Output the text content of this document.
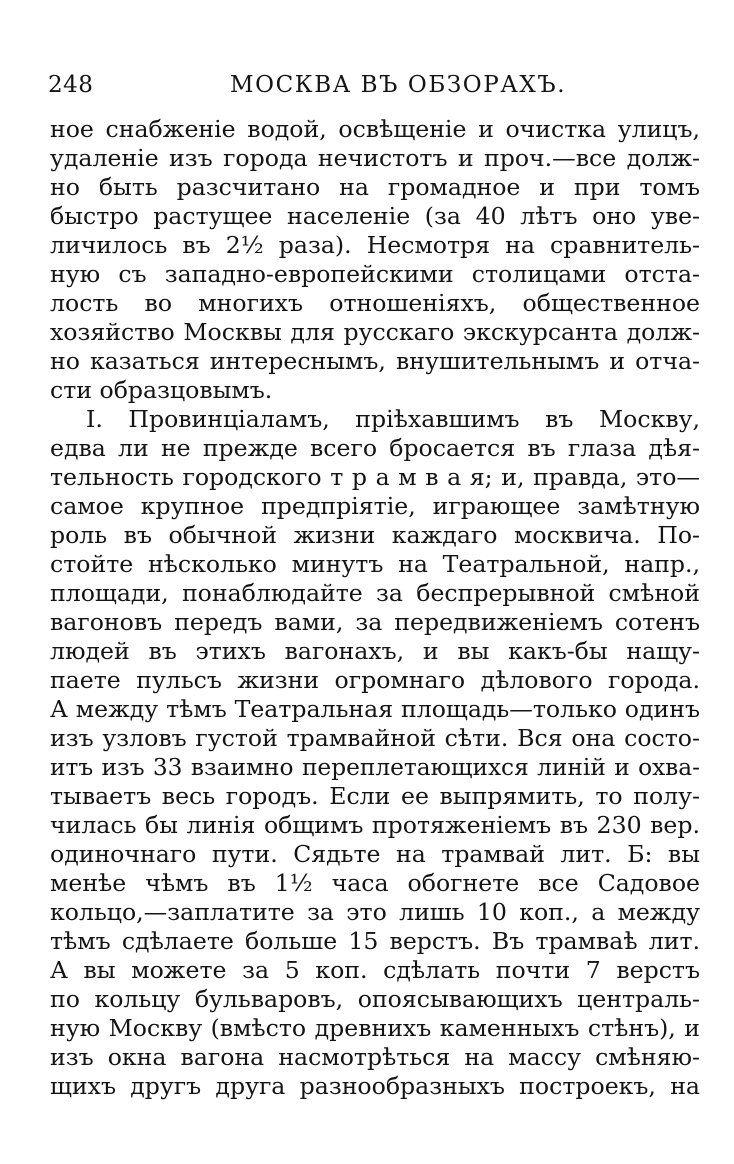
248	МОСКВА ВЪ ОБЗОРАХЪ.
ное снабженіе водой, освѣщеніе и очистка улицъ,
удаленіе изъ города нечистотъ и проч.—все долж-
но быть разсчитано на громадное и при томъ
быстро растущее населеніе (за 40 лѣтъ оно уве-
личилось въ 2½ раза). Несмотря на сравнитель-
ную съ западно-европейскими столицами отста-
лость во многихъ отношеніяхъ, общественное
хозяйство Москвы для русскаго экскурсанта долж-
но казаться интереснымъ, внушительнымъ и отча-
сти образцовымъ.
I. Провинціаламъ, пріѣхавшимъ въ Москву,
едва ли не прежде всего бросается въ глаза дѣя-
тельность городского т р а м в а я; и, правда, это—
самое крупное предпріятіе, играющее замѣтную
роль въ обычной жизни каждаго москвича. По-
стойте нѣсколько минутъ на Театральной, напр.,
площади, понаблюдайте за беспрерывной смѣной
вагоновъ передъ вами, за передвиженіемъ сотенъ
людей въ этихъ вагонахъ, и вы какъ-бы нащу-
паете пульсъ жизни огромнаго дѣлового города.
А между тѣмъ Театральная площадь—только одинъ
изъ узловъ густой трамвайной сѣти. Вся она состо-
итъ изъ 33 взаимно переплетающихся линій и охва-
тываетъ весь городъ. Если ее выпрямить, то полу-
чилась бы линія общимъ протяженіемъ въ 230 вер.
одиночнаго пути. Сядьте на трамвай лит. Б: вы
менѣе чѣмъ въ 1½ часа обогнете все Садовое
кольцо,—заплатите за это лишь 10 коп., а между
тѣмъ сдѣлаете больше 15 верстъ. Въ трамваѣ лит.
А вы можете за 5 коп. сдѣлать почти 7 верстъ
по кольцу бульваровъ, опоясывающихъ централь-
ную Москву (вмѣсто древнихъ каменныхъ стѣнъ), и
изъ окна вагона насмотрѣться на массу смѣняю-
щихъ другъ друга разнообразныхъ построекъ, на
